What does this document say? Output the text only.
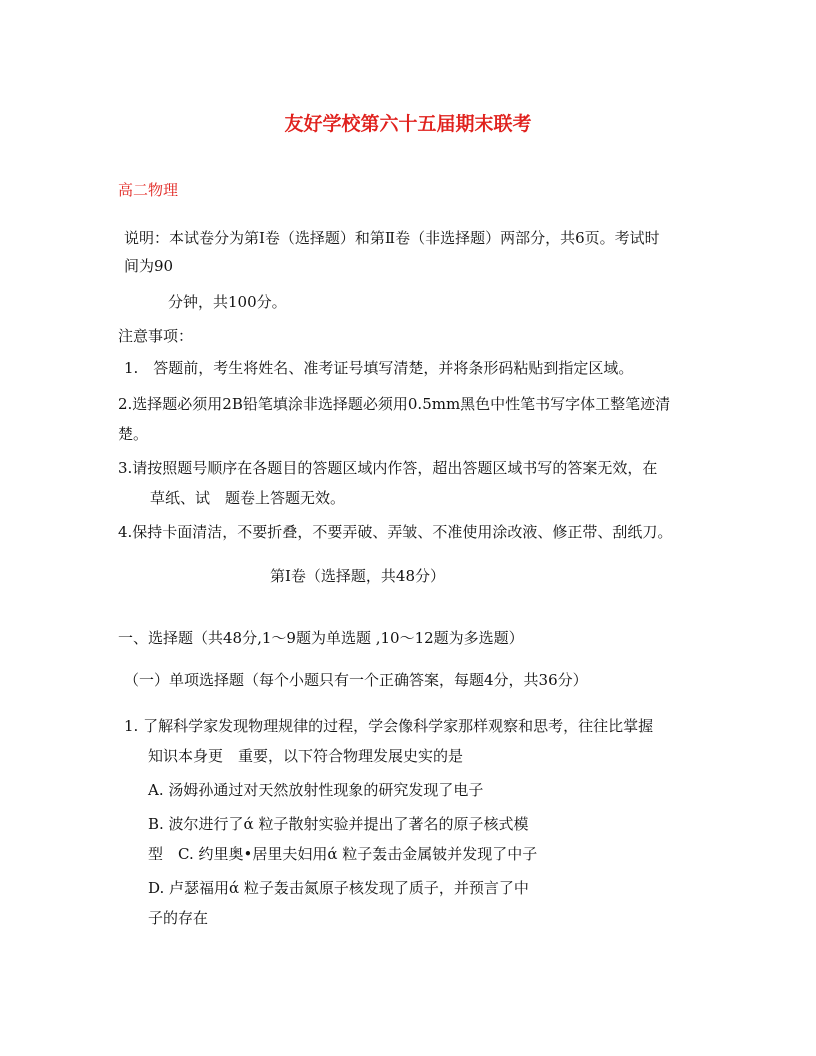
友好学校第六十五届期末联考
高二物理
说明：本试卷分为第Ⅰ卷（选择题）和第Ⅱ卷（非选择题）两部分，共6页。考试时
间为90
分钟，共100分。
注意事项：
1.　答题前，考生将姓名、准考证号填写清楚，并将条形码粘贴到指定区域。
2.选择题必须用2B铅笔填涂非选择题必须用0.5mm黑色中性笔书写字体工整笔迹清
楚。
3.请按照题号顺序在各题目的答题区域内作答，超出答题区域书写的答案无效，在
草纸、试　题卷上答题无效。
4.保持卡面清洁，不要折叠，不要弄破、弄皱、不准使用涂改液、修正带、刮纸刀。
第I卷（选择题，共48分）
一、选择题（共48分,1～9题为单选题 ,10～12题为多选题）
（一）单项选择题（每个小题只有一个正确答案，每题4分，共36分）
1. 了解科学家发现物理规律的过程，学会像科学家那样观察和思考，往往比掌握
知识本身更　重要，以下符合物理发展史实的是
A. 汤姆孙通过对天然放射性现象的研究发现了电子
B. 波尔进行了ά 粒子散射实验并提出了著名的原子核式模
型　C. 约里奥•居里夫妇用ά 粒子轰击金属铍并发现了中子
D. 卢瑟福用ά 粒子轰击氮原子核发现了质子，并预言了中
子的存在
